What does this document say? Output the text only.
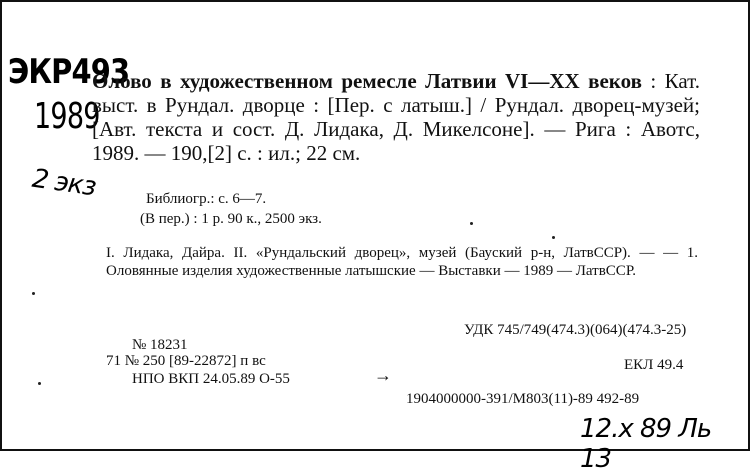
ЭКР493
1989
2 экз
Олово в художественном ремесле Латвии VI—XX веков : Кат. выст. в Рундал. дворце : [Пер. с латыш.] / Рундал. дворец-музей; [Авт. текста и сост. Д. Лидака, Д. Микелсоне]. — Рига : Авотс, 1989. — 190,[2] с. : ил.; 22 см.
Библиогр.: с. 6—7.
(В пер.) : 1 р. 90 к., 2500 экз.
I. Лидака, Дайра. II. «Рундальский дворец», музей (Бауский р-н, ЛатвССР). — — 1. Оловянные изделия художественные латышские — Выставки — 1989 — ЛатвССР.
УДК 745/749(474.3)(064)(474.3-25)
№ 18231
71 № 250 [89-22872] п вс	ЕКЛ 49.4
НПО ВКП 24.05.89 О-55	→
1904000000-391/М803(11)-89 492-89
12.х 89 Ль 13
